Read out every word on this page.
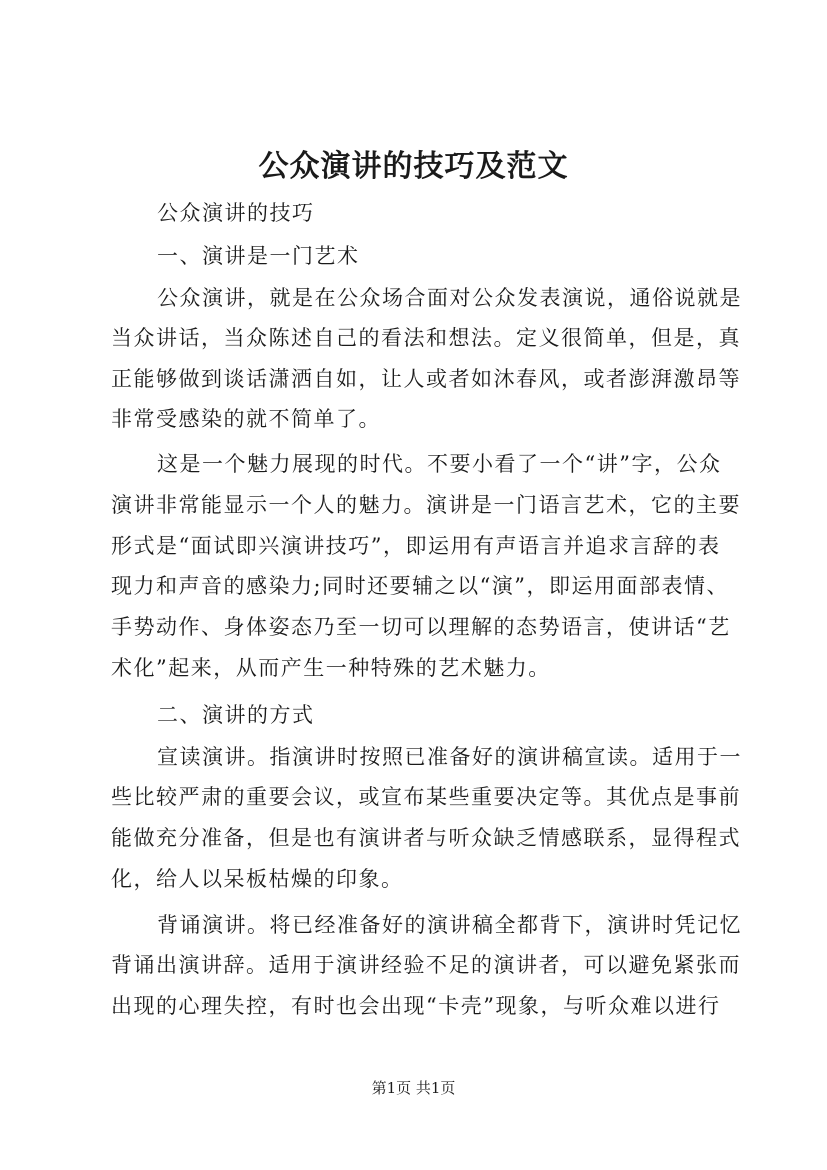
公众演讲的技巧及范文
公众演讲的技巧
一、演讲是一门艺术
公众演讲，就是在公众场合面对公众发表演说，通俗说就是
当众讲话，当众陈述自己的看法和想法。定义很简单，但是，真
正能够做到谈话潇洒自如，让人或者如沐春风，或者澎湃激昂等
非常受感染的就不简单了。
这是一个魅力展现的时代。不要小看了一个“讲”字，公众
演讲非常能显示一个人的魅力。演讲是一门语言艺术，它的主要
形式是“面试即兴演讲技巧”，即运用有声语言并追求言辞的表
现力和声音的感染力;同时还要辅之以“演”，即运用面部表情、
手势动作、身体姿态乃至一切可以理解的态势语言，使讲话“艺
术化”起来，从而产生一种特殊的艺术魅力。
二、演讲的方式
宣读演讲。指演讲时按照已准备好的演讲稿宣读。适用于一
些比较严肃的重要会议，或宣布某些重要决定等。其优点是事前
能做充分准备，但是也有演讲者与听众缺乏情感联系，显得程式
化，给人以呆板枯燥的印象。
背诵演讲。将已经准备好的演讲稿全都背下，演讲时凭记忆
背诵出演讲辞。适用于演讲经验不足的演讲者，可以避免紧张而
出现的心理失控，有时也会出现“卡壳”现象，与听众难以进行
第1页 共1页
